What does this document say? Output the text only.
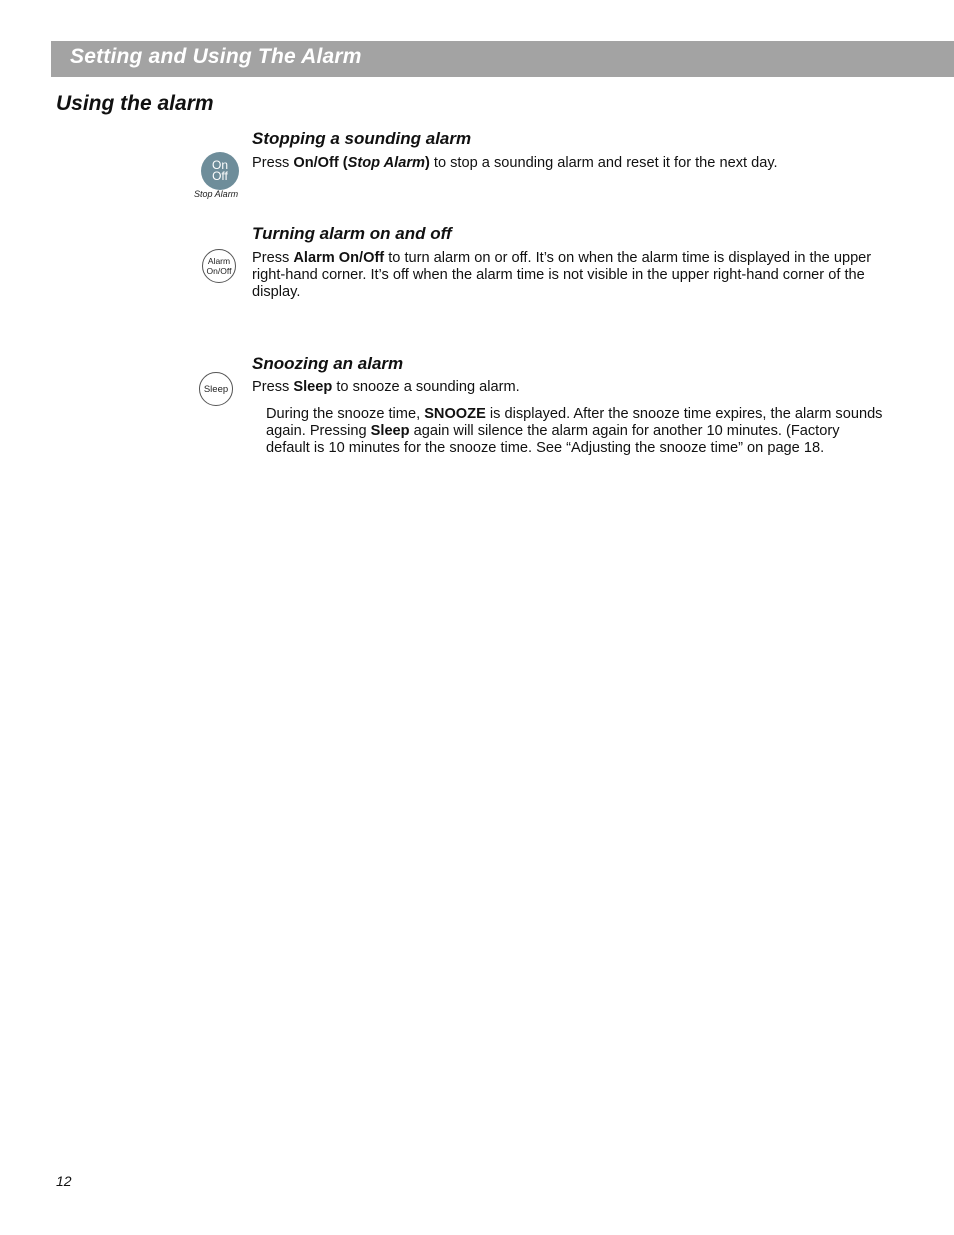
Setting and Using The Alarm
Using the alarm
Stopping a sounding alarm
On
Off
Stop Alarm
Press On/Off (Stop Alarm) to stop a sounding alarm and reset it for the next day.
Turning alarm on and off
Alarm
On/Off
Press Alarm On/Off to turn alarm on or off. It’s on when the alarm time is displayed in the upper right-hand corner. It’s off when the alarm time is not visible in the upper right-hand corner of the display.
Snoozing an alarm
Sleep Press Sleep to snooze a sounding alarm.
During the snooze time, SNOOZE is displayed. After the snooze time expires, the alarm sounds again. Pressing Sleep again will silence the alarm again for another 10 minutes. (Factory default is 10 minutes for the snooze time. See “Adjusting the snooze time” on page 18.
12
